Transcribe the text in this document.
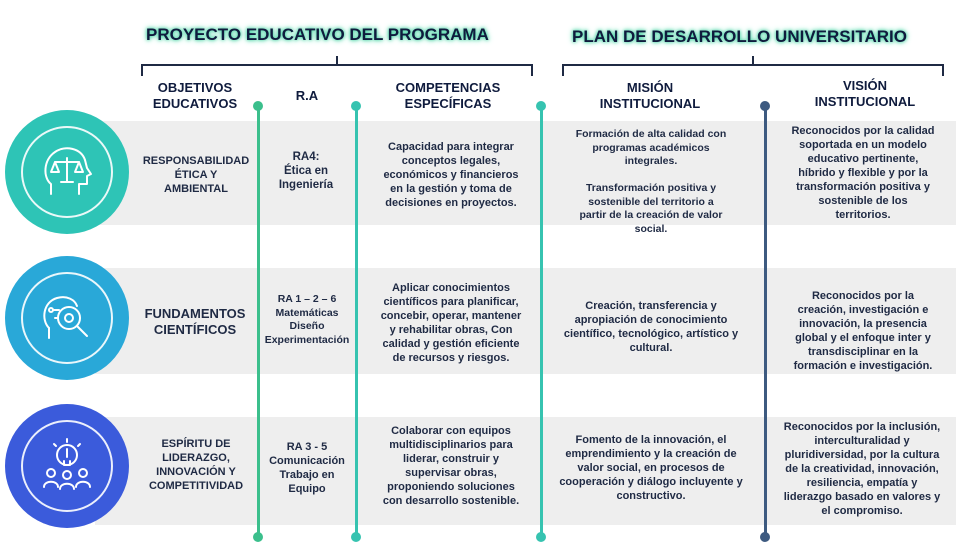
PROYECTO EDUCATIVO DEL PROGRAMA	PLAN DE DESARROLLO UNIVERSITARIO
OBJETIVOS
EDUCATIVOS
R.A
COMPETENCIAS
ESPECÍFICAS
MISIÓN
INSTITUCIONAL
VISIÓN
INSTITUCIONAL
RESPONSABILIDAD
ÉTICA Y
AMBIENTAL
RA4:
Ética en
Ingeniería
Capacidad para integrar
conceptos legales,
económicos y financieros
en la gestión y toma de
decisiones en proyectos.
Formación de alta calidad con
programas académicos
integrales.

Transformación positiva y
sostenible del territorio a
partir de la creación de valor
social.
Reconocidos por la calidad
soportada en un modelo
educativo pertinente,
híbrido y flexible y por la
transformación positiva y
sostenible de los
territorios.
FUNDAMENTOS
CIENTÍFICOS
RA 1 – 2 – 6
Matemáticas
Diseño
Experimentación
Aplicar conocimientos
científicos para planificar,
concebir, operar, mantener
y rehabilitar obras, Con
calidad y gestión eficiente
de recursos y riesgos.
Creación, transferencia y
apropiación de conocimiento
científico, tecnológico, artístico y
cultural.
Reconocidos por la
creación, investigación e
innovación, la presencia
global y el enfoque inter y
transdisciplinar en la
formación e investigación.
ESPÍRITU DE
LIDERAZGO,
INNOVACIÓN Y
COMPETITIVIDAD
RA 3 - 5
Comunicación
Trabajo en
Equipo
Colaborar con equipos
multidisciplinarios para
liderar, construir y
supervisar obras,
proponiendo soluciones
con desarrollo sostenible.
Fomento de la innovación, el
emprendimiento y la creación de
valor social, en procesos de
cooperación y diálogo incluyente y
constructivo.
Reconocidos por la inclusión,
interculturalidad y
pluridiversidad, por la cultura
de la creatividad, innovación,
resiliencia, empatía y
liderazgo basado en valores y
el compromiso.
